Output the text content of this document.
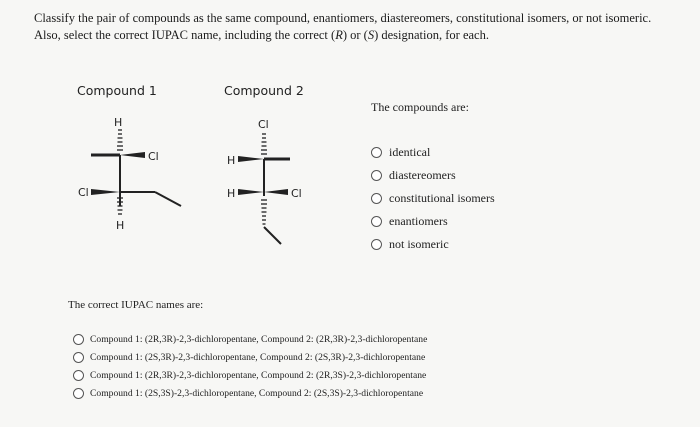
Classify the pair of compounds as the same compound, enantiomers, diastereomers, constitutional isomers, or not isomeric.

Also, select the correct IUPAC name, including the correct (R) or (S) designation, for each.

Compound 1	Compound 2
H
Cl
Cl
H
Cl
H
H	Cl
The compounds are:
identical
diastereomers
constitutional isomers
enantiomers
not isomeric
The correct IUPAC names are:
Compound 1: (2R,3R)-2,3-dichloropentane, Compound 2: (2R,3R)-2,3-dichloropentane
Compound 1: (2S,3R)-2,3-dichloropentane, Compound 2: (2S,3R)-2,3-dichloropentane
Compound 1: (2R,3R)-2,3-dichloropentane, Compound 2: (2R,3S)-2,3-dichloropentane
Compound 1: (2S,3S)-2,3-dichloropentane, Compound 2: (2S,3S)-2,3-dichloropentane
